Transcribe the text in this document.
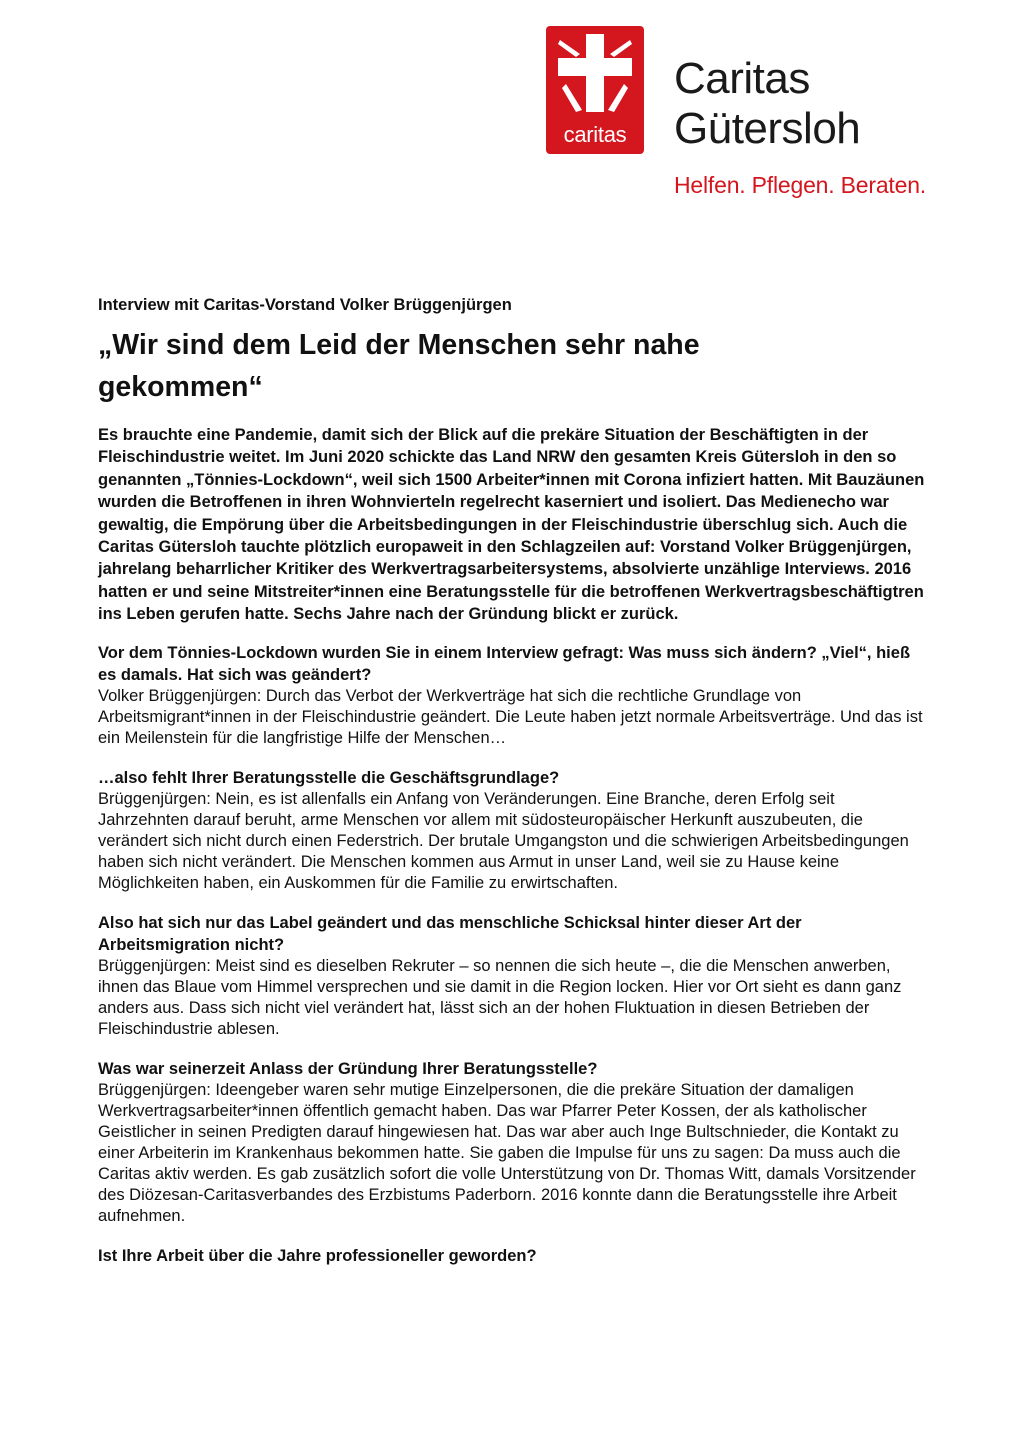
caritas
Caritas
Gütersloh
Helfen. Pflegen. Beraten.

Interview mit Caritas-Vorstand Volker Brüggenjürgen

„Wir sind dem Leid der Menschen sehr nahe gekommen“

Es brauchte eine Pandemie, damit sich der Blick auf die prekäre Situation der Beschäftigten in der Fleischindustrie weitet. Im Juni 2020 schickte das Land NRW den gesamten Kreis Gütersloh in den so genannten „Tönnies-Lockdown“, weil sich 1500 Arbeiter*innen mit Corona infiziert hatten. Mit Bauzäunen wurden die Betroffenen in ihren Wohnvierteln regelrecht kaserniert und isoliert. Das Medienecho war gewaltig, die Empörung über die Arbeitsbedingungen in der Fleischindustrie überschlug sich. Auch die Caritas Gütersloh tauchte plötzlich europaweit in den Schlagzeilen auf: Vorstand Volker Brüggenjürgen, jahrelang beharrlicher Kritiker des Werkvertragsarbeitersystems, absolvierte unzählige Interviews. 2016 hatten er und seine Mitstreiter*innen eine Beratungsstelle für die betroffenen Werkvertragsbeschäftigtren ins Leben gerufen hatte. Sechs Jahre nach der Gründung blickt er zurück.

Vor dem Tönnies-Lockdown wurden Sie in einem Interview gefragt: Was muss sich ändern? „Viel“, hieß es damals. Hat sich was geändert?

Volker Brüggenjürgen: Durch das Verbot der Werkverträge hat sich die rechtliche Grundlage von Arbeitsmigrant*innen in der Fleischindustrie geändert. Die Leute haben jetzt normale Arbeitsverträge. Und das ist ein Meilenstein für die langfristige Hilfe der Menschen…

…also fehlt Ihrer Beratungsstelle die Geschäftsgrundlage?

Brüggenjürgen: Nein, es ist allenfalls ein Anfang von Veränderungen. Eine Branche, deren Erfolg seit Jahrzehnten darauf beruht, arme Menschen vor allem mit südosteuropäischer Herkunft auszubeuten, die verändert sich nicht durch einen Federstrich. Der brutale Umgangston und die schwierigen Arbeitsbedingungen haben sich nicht verändert. Die Menschen kommen aus Armut in unser Land, weil sie zu Hause keine Möglichkeiten haben, ein Auskommen für die Familie zu erwirtschaften.

Also hat sich nur das Label geändert und das menschliche Schicksal hinter dieser Art der Arbeitsmigration nicht?

Brüggenjürgen: Meist sind es dieselben Rekruter – so nennen die sich heute –, die die Menschen anwerben, ihnen das Blaue vom Himmel versprechen und sie damit in die Region locken. Hier vor Ort sieht es dann ganz anders aus. Dass sich nicht viel verändert hat, lässt sich an der hohen Fluktuation in diesen Betrieben der Fleischindustrie ablesen.

Was war seinerzeit Anlass der Gründung Ihrer Beratungsstelle?

Brüggenjürgen: Ideengeber waren sehr mutige Einzelpersonen, die die prekäre Situation der damaligen Werkvertragsarbeiter*innen öffentlich gemacht haben. Das war Pfarrer Peter Kossen, der als katholischer Geistlicher in seinen Predigten darauf hingewiesen hat. Das war aber auch Inge Bultschnieder, die Kontakt zu einer Arbeiterin im Krankenhaus bekommen hatte. Sie gaben die Impulse für uns zu sagen: Da muss auch die Caritas aktiv werden. Es gab zusätzlich sofort die volle Unterstützung von Dr. Thomas Witt, damals Vorsitzender des Diözesan-Caritasverbandes des Erzbistums Paderborn. 2016 konnte dann die Beratungsstelle ihre Arbeit aufnehmen.

Ist Ihre Arbeit über die Jahre professioneller geworden?
